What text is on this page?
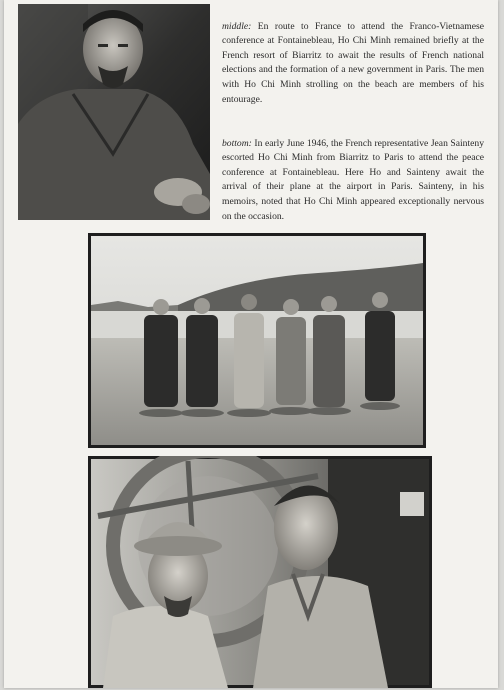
middle: En route to France to attend the Franco-Vietnamese conference at Fontainebleau, Ho Chi Minh remained briefly at the French resort of Biarritz to await the results of French national elections and the formation of a new government in Paris. The men with Ho Chi Minh strolling on the beach are members of his entourage.

bottom: In early June 1946, the French representative Jean Sainteny escorted Ho Chi Minh from Biarritz to Paris to attend the peace conference at Fontainebleau. Here Ho and Sainteny await the arrival of their plane at the airport in Paris. Sainteny, in his memoirs, noted that Ho Chi Minh appeared exceptionally nervous on the occasion.
